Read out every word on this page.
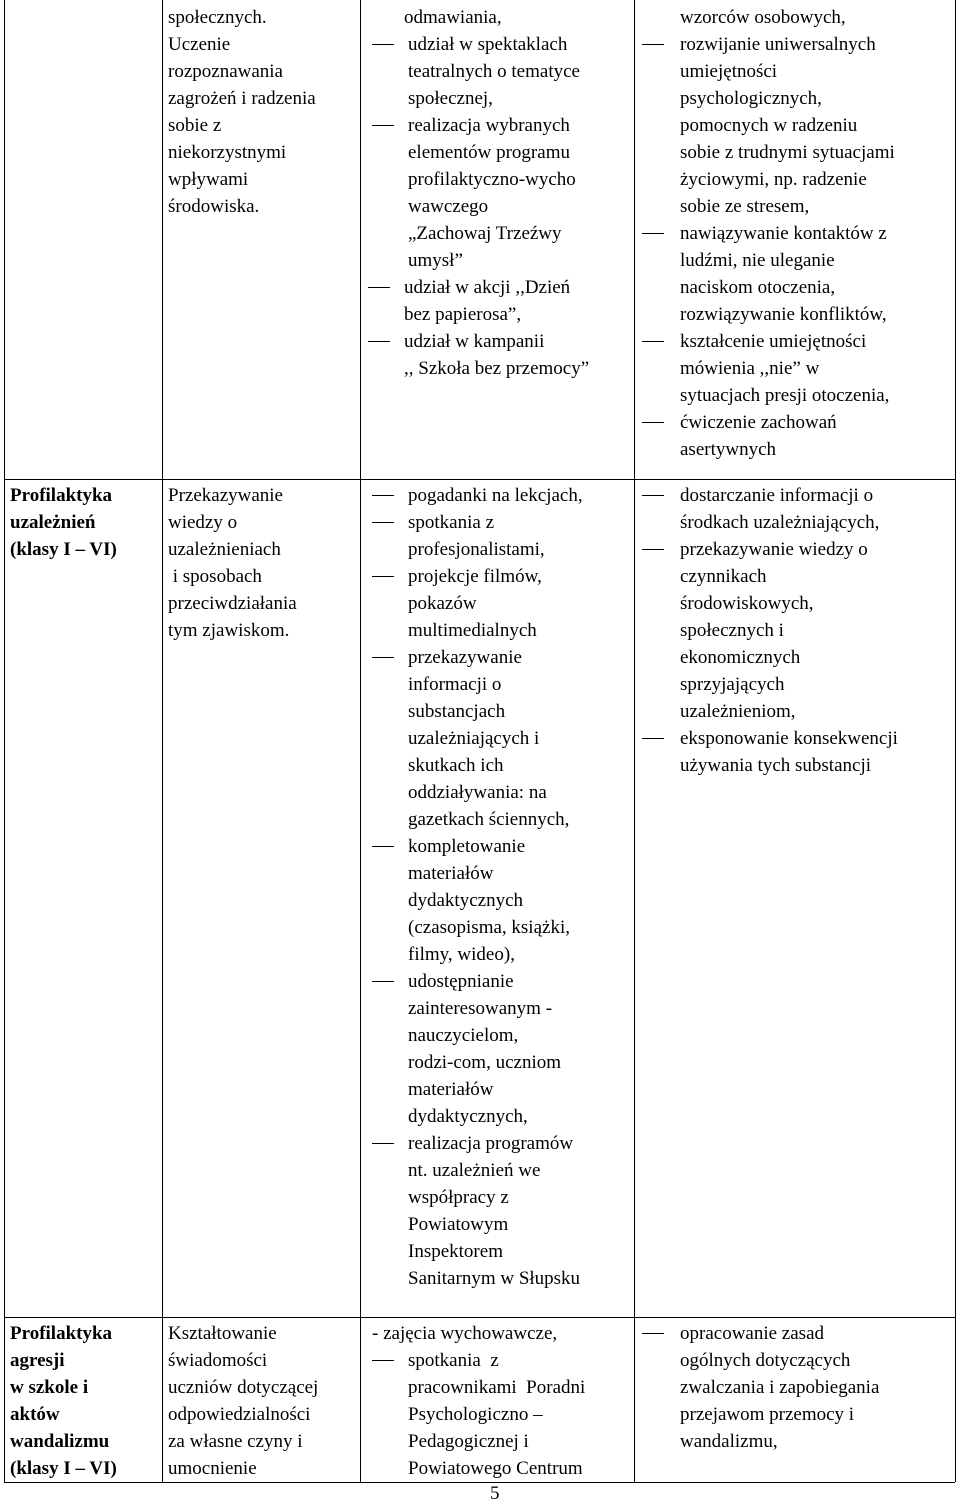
społecznych.
Uczenie
rozpoznawania
zagrożeń i radzenia
sobie z
niekorzystnymi
wpływami
środowiska.
odmawiania,
udział w spektaklach
teatralnych o tematyce
społecznej,
realizacja wybranych
elementów programu
profilaktyczno-wycho
wawczego
„Zachowaj Trzeźwy
umysł”
udział w akcji ,,Dzień
bez papierosa”,
udział w kampanii
,, Szkoła bez przemocy”
wzorców osobowych,
rozwijanie uniwersalnych
umiejętności
psychologicznych,
pomocnych w radzeniu
sobie z trudnymi sytuacjami
życiowymi, np. radzenie
sobie ze stresem,
nawiązywanie kontaktów z
ludźmi, nie uleganie
naciskom otoczenia,
rozwiązywanie konfliktów,
kształcenie umiejętności
mówienia ,,nie” w
sytuacjach presji otoczenia,
ćwiczenie zachowań
asertywnych
Profilaktyka
uzależnień
(klasy I – VI)
Przekazywanie
wiedzy o
uzależnieniach
i sposobach
przeciwdziałania
tym zjawiskom.
pogadanki na lekcjach,
spotkania z
profesjonalistami,
projekcje filmów,
pokazów
multimedialnych
przekazywanie
informacji o
substancjach
uzależniających i
skutkach ich
oddziaływania: na
gazetkach ściennych,
kompletowanie
materiałów
dydaktycznych
(czasopisma, książki,
filmy, wideo),
udostępnianie
zainteresowanym -
nauczycielom,
rodzi-com, uczniom
materiałów
dydaktycznych,
realizacja programów
nt. uzależnień we
współpracy z
Powiatowym
Inspektorem
Sanitarnym w Słupsku
dostarczanie informacji o
środkach uzależniających,
przekazywanie wiedzy o
czynnikach
środowiskowych,
społecznych i
ekonomicznych
sprzyjających
uzależnieniom,
eksponowanie konsekwencji
używania tych substancji
Profilaktyka
agresji
w szkole i
aktów
wandalizmu
(klasy I – VI)
Kształtowanie
świadomości
uczniów dotyczącej
odpowiedzialności
za własne czyny i
umocnienie
- zajęcia wychowawcze,
spotkania  z
pracownikami  Poradni
Psychologiczno –
Pedagogicznej i
Powiatowego Centrum
opracowanie zasad
ogólnych dotyczących
zwalczania i zapobiegania
przejawom przemocy i
wandalizmu,
5
